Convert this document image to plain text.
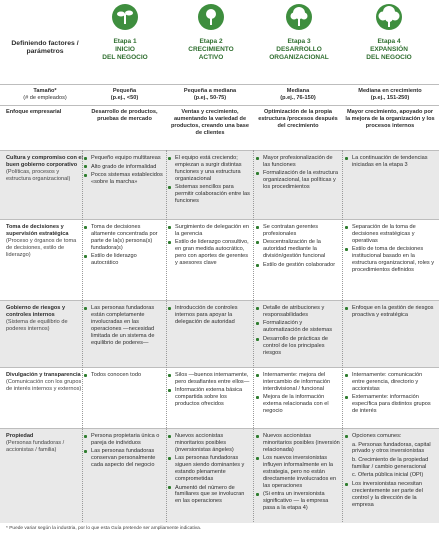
Definiendo factores / parámetros
Etapa 1
INICIO
DEL NEGOCIO
Etapa 2
CRECIMIENTO
ACTIVO
Etapa 3
DESARROLLO
ORGANIZACIONAL
Etapa 4
EXPANSIÓN
DEL NEGOCIO
Tamaño*
(# de empleados)
Pequeña
(p.ej., <50)
Pequeña a mediana
(p.ej., 50-75)
Mediana
(p.ej., 76-150)
Mediana en crecimiento
(p.ej., 151-250)
Enfoque empresarial	Desarrollo de productos, pruebas de mercado
Ventas y crecimiento, aumentando la variedad de productos, creando una base de clientes
Optimización de la propia estructura /procesos después del crecimiento
Mayor crecimiento, apoyado por la mejora de la organización y los procesos internos
Cultura y compromiso con el buen gobierno corporativo
(Políticas, procesos y estructura organizacional)
Pequeño equipo multitareas
Alto grado de informalidad
Pocos sistemas establecidos «sobre la marcha»
El equipo está creciendo; empiezan a surgir distintas funciones y una estructura organizacional
Sistemas sencillos para permitir colaboración entre las funciones
Mayor profesionalización de las funciones
Formalización de la estructura organizacional, las políticas y los procedimientos
La continuación de tendencias iniciadas en la etapa 3
Toma de decisiones y supervisión estratégica
(Proceso y órganos de toma de decisiones, estilo de liderazgo)
Toma de decisiones altamente concentrada por parte de la(s) persona(s) fundadora(s)
Estilo de liderazgo autocrático
Surgimiento de delegación en la gerencia
Estilo de liderazgo consultivo, en gran medida autocrático, pero con aportes de gerentes y asesores clave
Se contratan gerentes profesionales
Descentralización de la autoridad mediante la división/gestión funcional
Estilo de gestión colaborador
Separación de la toma de decisiones estratégicas y operativas
Estilo de toma de decisiones institucional basado en la estructura organizacional, roles y procedimientos definidos
Gobierno de riesgos y controles internos
(Sistema de equilibrio de poderes internos)
Las personas fundadoras están completamente involucradas en las operaciones —necesidad limitada de un sistema de equilibrio de poderes—
Introducción de controles internos para apoyar la delegación de autoridad
Detalle de atribuciones y responsabilidades
Formalización y automatización de sistemas
Desarrollo de prácticas de control de los principales riesgos
Enfoque en la gestión de riesgos proactiva y estratégica
Divulgación y transparencia
(Comunicación con los grupos de interés internos y externos)
Todos conocen todo	Silos —buenos internamente, pero desafiantes entre ellos—
Información externa básica compartida sobre los productos ofrecidos
Internamente: mejora del intercambio de información interdivisional / funcional
Mejora de la información externa relacionada con el negocio
Internamente: comunicación entre gerencia, directorio y accionistas
Externamente: información específica para distintos grupos de interés
Propiedad
(Personas fundadoras / accionistas / familia)
Persona propietaria única o pareja de individuos
Las personas fundadoras conservan personalmente cada aspecto del negocio
Nuevos accionistas minoritarios posibles (inversionistas ángeles)
Las personas fundadoras siguen siendo dominantes y estando plenamente comprometidas
Aumentó del número de familiares que se involucran en las operaciones
Nuevos accionistas minoritarios posibles (inversión relacionada)
Los nuevos inversionistas influyen informalmente en la estrategia, pero no están directamente involucrados en las operaciones
(Si entra un inversionista significativo — la empresa pasa a la etapa 4)
Opciones comunes:
a. Personas fundadoras, capital privado y otros inversionistas
b. Crecimiento de la propiedad familiar / cambio generacional
c. Oferta pública inicial (OPI)
Los inversionistas necesitan crecientemente ser parte del control y la dirección de la empresa
* Puede variar según la industria, por lo que esta Guía pretende ser ampliamente indicativa.
